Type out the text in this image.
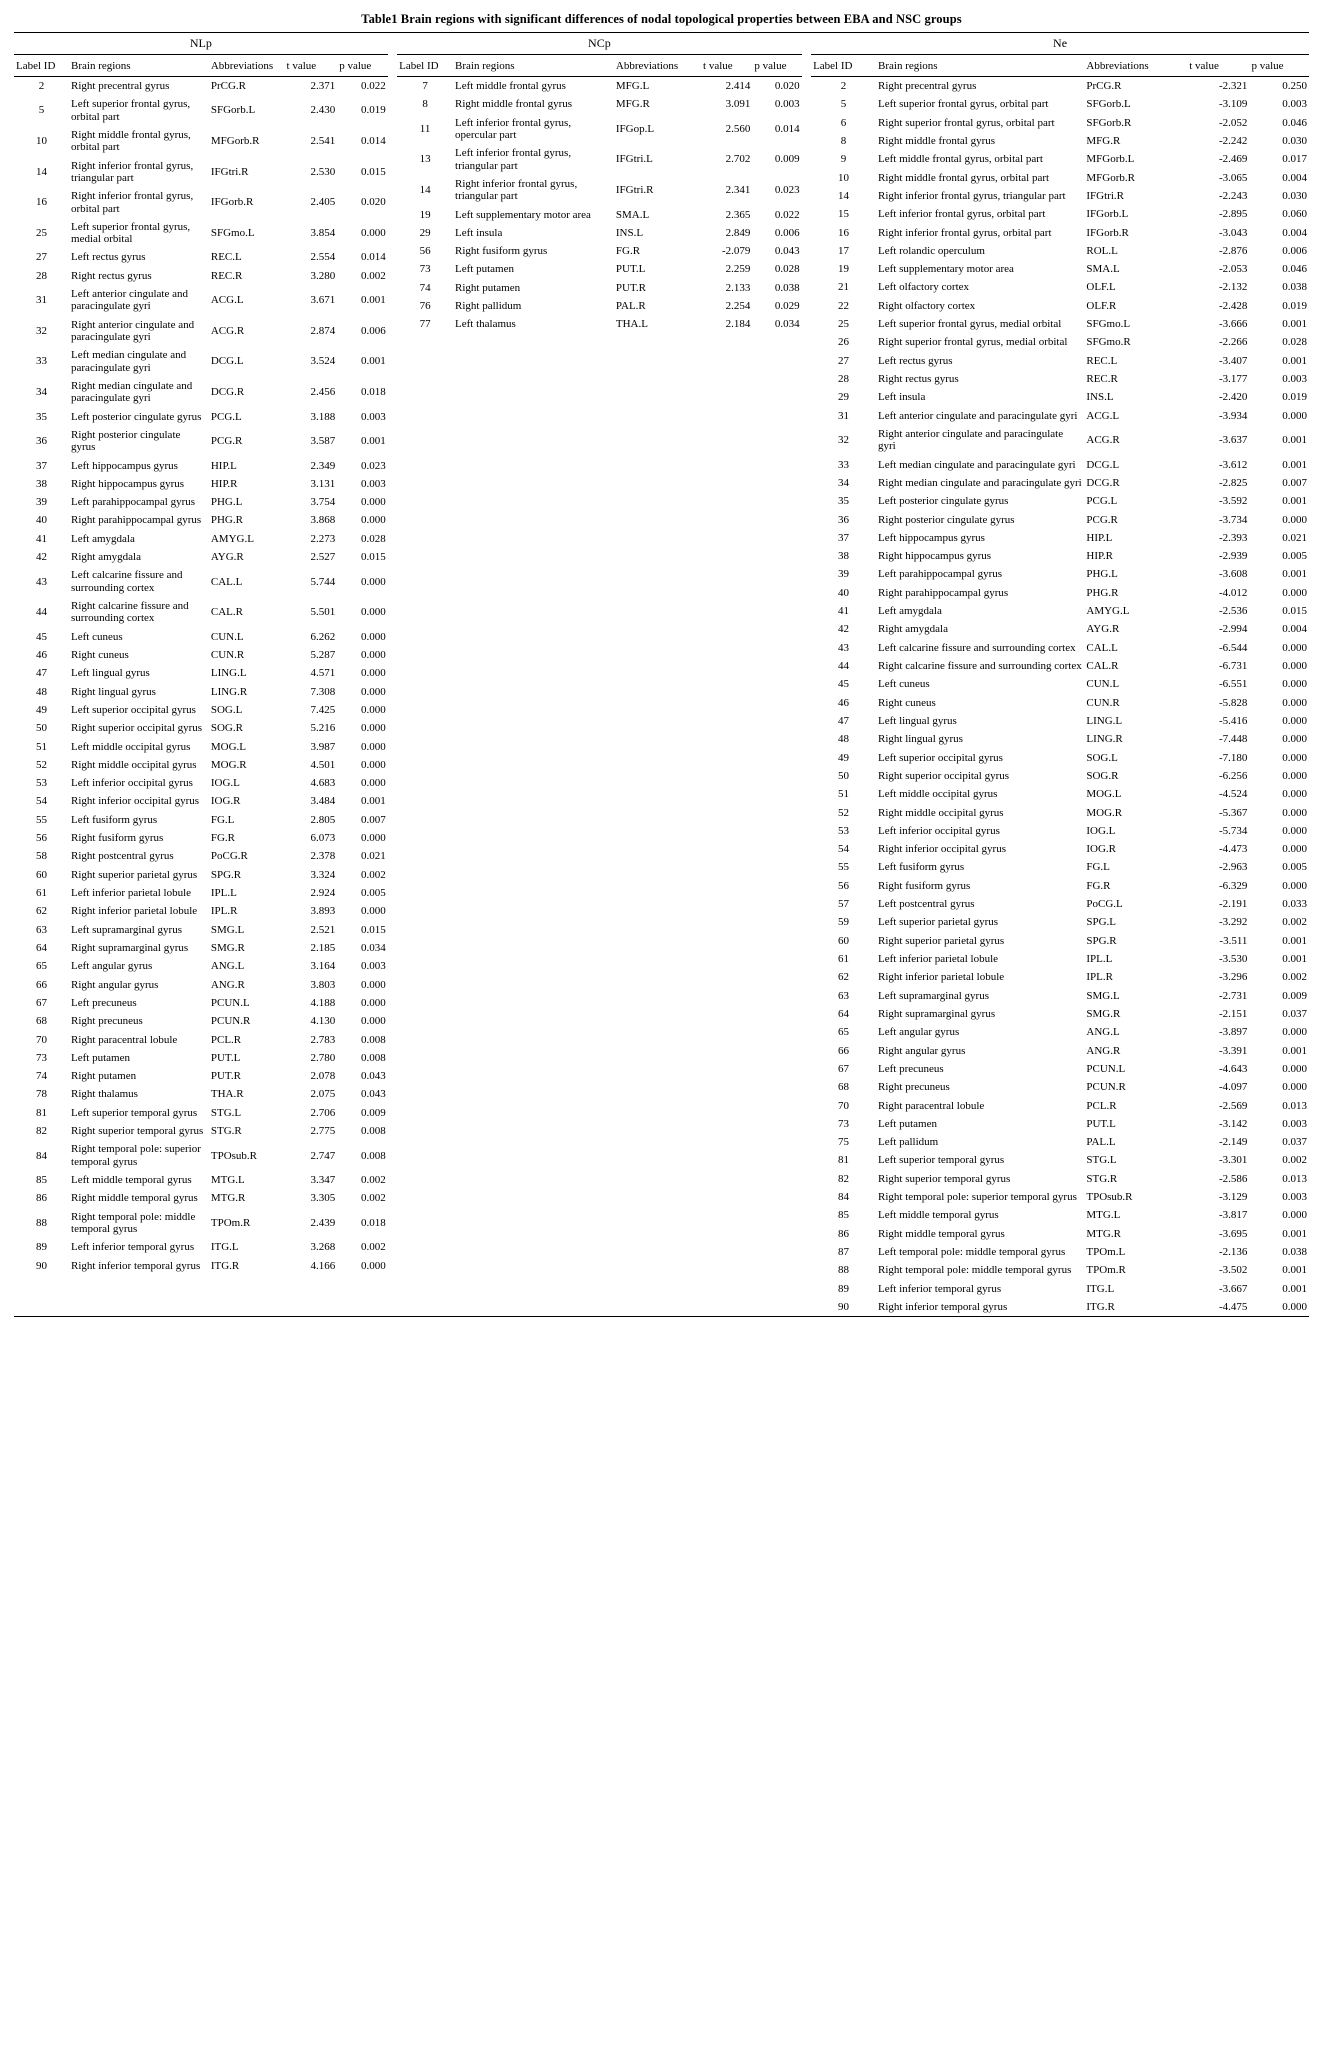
Table1 Brain regions with significant differences of nodal topological properties between EBA and NSC groups
NLp		NCp		Ne

Label ID	Brain regions	Abbreviations	t value	p value
2	Right precentral gyrus	PrCG.R	2.371	0.022
5	Left superior frontal gyrus, orbital part	SFGorb.L	2.430	0.019
10	Right middle frontal gyrus, orbital part	MFGorb.R	2.541	0.014
14	Right inferior frontal gyrus, triangular part	IFGtri.R	2.530	0.015
16	Right inferior frontal gyrus, orbital part	IFGorb.R	2.405	0.020
25	Left superior frontal gyrus, medial orbital	SFGmo.L	3.854	0.000
27	Left rectus gyrus	REC.L	2.554	0.014
28	Right rectus gyrus	REC.R	3.280	0.002
31	Left anterior cingulate and paracingulate gyri	ACG.L	3.671	0.001
32	Right anterior cingulate and paracingulate gyri	ACG.R	2.874	0.006
33	Left median cingulate and paracingulate gyri	DCG.L	3.524	0.001
34	Right median cingulate and paracingulate gyri	DCG.R	2.456	0.018
35	Left posterior cingulate gyrus	PCG.L	3.188	0.003
36	Right posterior cingulate gyrus	PCG.R	3.587	0.001
37	Left hippocampus gyrus	HIP.L	2.349	0.023
38	Right hippocampus gyrus	HIP.R	3.131	0.003
39	Left parahippocampal gyrus	PHG.L	3.754	0.000
40	Right parahippocampal gyrus	PHG.R	3.868	0.000
41	Left amygdala	AMYG.L	2.273	0.028
42	Right amygdala	AYG.R	2.527	0.015
43	Left calcarine fissure and surrounding cortex	CAL.L	5.744	0.000
44	Right calcarine fissure and surrounding cortex	CAL.R	5.501	0.000
45	Left cuneus	CUN.L	6.262	0.000
46	Right cuneus	CUN.R	5.287	0.000
47	Left lingual gyrus	LING.L	4.571	0.000
48	Right lingual gyrus	LING.R	7.308	0.000
49	Left superior occipital gyrus	SOG.L	7.425	0.000
50	Right superior occipital gyrus	SOG.R	5.216	0.000
51	Left middle occipital gyrus	MOG.L	3.987	0.000
52	Right middle occipital gyrus	MOG.R	4.501	0.000
53	Left inferior occipital gyrus	IOG.L	4.683	0.000
54	Right inferior occipital gyrus	IOG.R	3.484	0.001
55	Left fusiform gyrus	FG.L	2.805	0.007
56	Right fusiform gyrus	FG.R	6.073	0.000
58	Right postcentral gyrus	PoCG.R	2.378	0.021
60	Right superior parietal gyrus	SPG.R	3.324	0.002
61	Left inferior parietal lobule	IPL.L	2.924	0.005
62	Right inferior parietal lobule	IPL.R	3.893	0.000
63	Left supramarginal gyrus	SMG.L	2.521	0.015
64	Right supramarginal gyrus	SMG.R	2.185	0.034
65	Left angular gyrus	ANG.L	3.164	0.003
66	Right angular gyrus	ANG.R	3.803	0.000
67	Left precuneus	PCUN.L	4.188	0.000
68	Right precuneus	PCUN.R	4.130	0.000
70	Right paracentral lobule	PCL.R	2.783	0.008
73	Left putamen	PUT.L	2.780	0.008
74	Right putamen	PUT.R	2.078	0.043
78	Right thalamus	THA.R	2.075	0.043
81	Left superior temporal gyrus	STG.L	2.706	0.009
82	Right superior temporal gyrus	STG.R	2.775	0.008
84	Right temporal pole: superior temporal gyrus	TPOsub.R	2.747	0.008
85	Left middle temporal gyrus	MTG.L	3.347	0.002
86	Right middle temporal gyrus	MTG.R	3.305	0.002
88	Right temporal pole: middle temporal gyrus	TPOm.R	2.439	0.018
89	Left inferior temporal gyrus	ITG.L	3.268	0.002
90	Right inferior temporal gyrus	ITG.R	4.166	0.000

Label ID	Brain regions	Abbreviations	t value	p value
7	Left middle frontal gyrus	MFG.L	2.414	0.020
8	Right middle frontal gyrus	MFG.R	3.091	0.003
11	Left inferior frontal gyrus, opercular part	IFGop.L	2.560	0.014
13	Left inferior frontal gyrus, triangular part	IFGtri.L	2.702	0.009
14	Right inferior frontal gyrus, triangular part	IFGtri.R	2.341	0.023
19	Left supplementary motor area	SMA.L	2.365	0.022
29	Left insula	INS.L	2.849	0.006
56	Right fusiform gyrus	FG.R	-2.079	0.043
73	Left putamen	PUT.L	2.259	0.028
74	Right putamen	PUT.R	2.133	0.038
76	Right pallidum	PAL.R	2.254	0.029
77	Left thalamus	THA.L	2.184	0.034

Label ID	Brain regions	Abbreviations	t value	p value
2	Right precentral gyrus	PrCG.R	-2.321	0.250
5	Left superior frontal gyrus, orbital part	SFGorb.L	-3.109	0.003
6	Right superior frontal gyrus, orbital part	SFGorb.R	-2.052	0.046
8	Right middle frontal gyrus	MFG.R	-2.242	0.030
9	Left middle frontal gyrus, orbital part	MFGorb.L	-2.469	0.017
10	Right middle frontal gyrus, orbital part	MFGorb.R	-3.065	0.004
14	Right inferior frontal gyrus, triangular part	IFGtri.R	-2.243	0.030
15	Left inferior frontal gyrus, orbital part	IFGorb.L	-2.895	0.060
16	Right inferior frontal gyrus, orbital part	IFGorb.R	-3.043	0.004
17	Left rolandic operculum	ROL.L	-2.876	0.006
19	Left supplementary motor area	SMA.L	-2.053	0.046
21	Left olfactory cortex	OLF.L	-2.132	0.038
22	Right olfactory cortex	OLF.R	-2.428	0.019
25	Left superior frontal gyrus, medial orbital	SFGmo.L	-3.666	0.001
26	Right superior frontal gyrus, medial orbital	SFGmo.R	-2.266	0.028
27	Left rectus gyrus	REC.L	-3.407	0.001
28	Right rectus gyrus	REC.R	-3.177	0.003
29	Left insula	INS.L	-2.420	0.019
31	Left anterior cingulate and paracingulate gyri	ACG.L	-3.934	0.000
32	Right anterior cingulate and paracingulate gyri	ACG.R	-3.637	0.001
33	Left median cingulate and paracingulate gyri	DCG.L	-3.612	0.001
34	Right median cingulate and paracingulate gyri	DCG.R	-2.825	0.007
35	Left posterior cingulate gyrus	PCG.L	-3.592	0.001
36	Right posterior cingulate gyrus	PCG.R	-3.734	0.000
37	Left hippocampus gyrus	HIP.L	-2.393	0.021
38	Right hippocampus gyrus	HIP.R	-2.939	0.005
39	Left parahippocampal gyrus	PHG.L	-3.608	0.001
40	Right parahippocampal gyrus	PHG.R	-4.012	0.000
41	Left amygdala	AMYG.L	-2.536	0.015
42	Right amygdala	AYG.R	-2.994	0.004
43	Left calcarine fissure and surrounding cortex	CAL.L	-6.544	0.000
44	Right calcarine fissure and surrounding cortex	CAL.R	-6.731	0.000
45	Left cuneus	CUN.L	-6.551	0.000
46	Right cuneus	CUN.R	-5.828	0.000
47	Left lingual gyrus	LING.L	-5.416	0.000
48	Right lingual gyrus	LING.R	-7.448	0.000
49	Left superior occipital gyrus	SOG.L	-7.180	0.000
50	Right superior occipital gyrus	SOG.R	-6.256	0.000
51	Left middle occipital gyrus	MOG.L	-4.524	0.000
52	Right middle occipital gyrus	MOG.R	-5.367	0.000
53	Left inferior occipital gyrus	IOG.L	-5.734	0.000
54	Right inferior occipital gyrus	IOG.R	-4.473	0.000
55	Left fusiform gyrus	FG.L	-2.963	0.005
56	Right fusiform gyrus	FG.R	-6.329	0.000
57	Left postcentral gyrus	PoCG.L	-2.191	0.033
59	Left superior parietal gyrus	SPG.L	-3.292	0.002
60	Right superior parietal gyrus	SPG.R	-3.511	0.001
61	Left inferior parietal lobule	IPL.L	-3.530	0.001
62	Right inferior parietal lobule	IPL.R	-3.296	0.002
63	Left supramarginal gyrus	SMG.L	-2.731	0.009
64	Right supramarginal gyrus	SMG.R	-2.151	0.037
65	Left angular gyrus	ANG.L	-3.897	0.000
66	Right angular gyrus	ANG.R	-3.391	0.001
67	Left precuneus	PCUN.L	-4.643	0.000
68	Right precuneus	PCUN.R	-4.097	0.000
70	Right paracentral lobule	PCL.R	-2.569	0.013
73	Left putamen	PUT.L	-3.142	0.003
75	Left pallidum	PAL.L	-2.149	0.037
81	Left superior temporal gyrus	STG.L	-3.301	0.002
82	Right superior temporal gyrus	STG.R	-2.586	0.013
84	Right temporal pole: superior temporal gyrus	TPOsub.R	-3.129	0.003
85	Left middle temporal gyrus	MTG.L	-3.817	0.000
86	Right middle temporal gyrus	MTG.R	-3.695	0.001
87	Left temporal pole: middle temporal gyrus	TPOm.L	-2.136	0.038
88	Right temporal pole: middle temporal gyrus	TPOm.R	-3.502	0.001
89	Left inferior temporal gyrus	ITG.L	-3.667	0.001
90	Right inferior temporal gyrus	ITG.R	-4.475	0.000
